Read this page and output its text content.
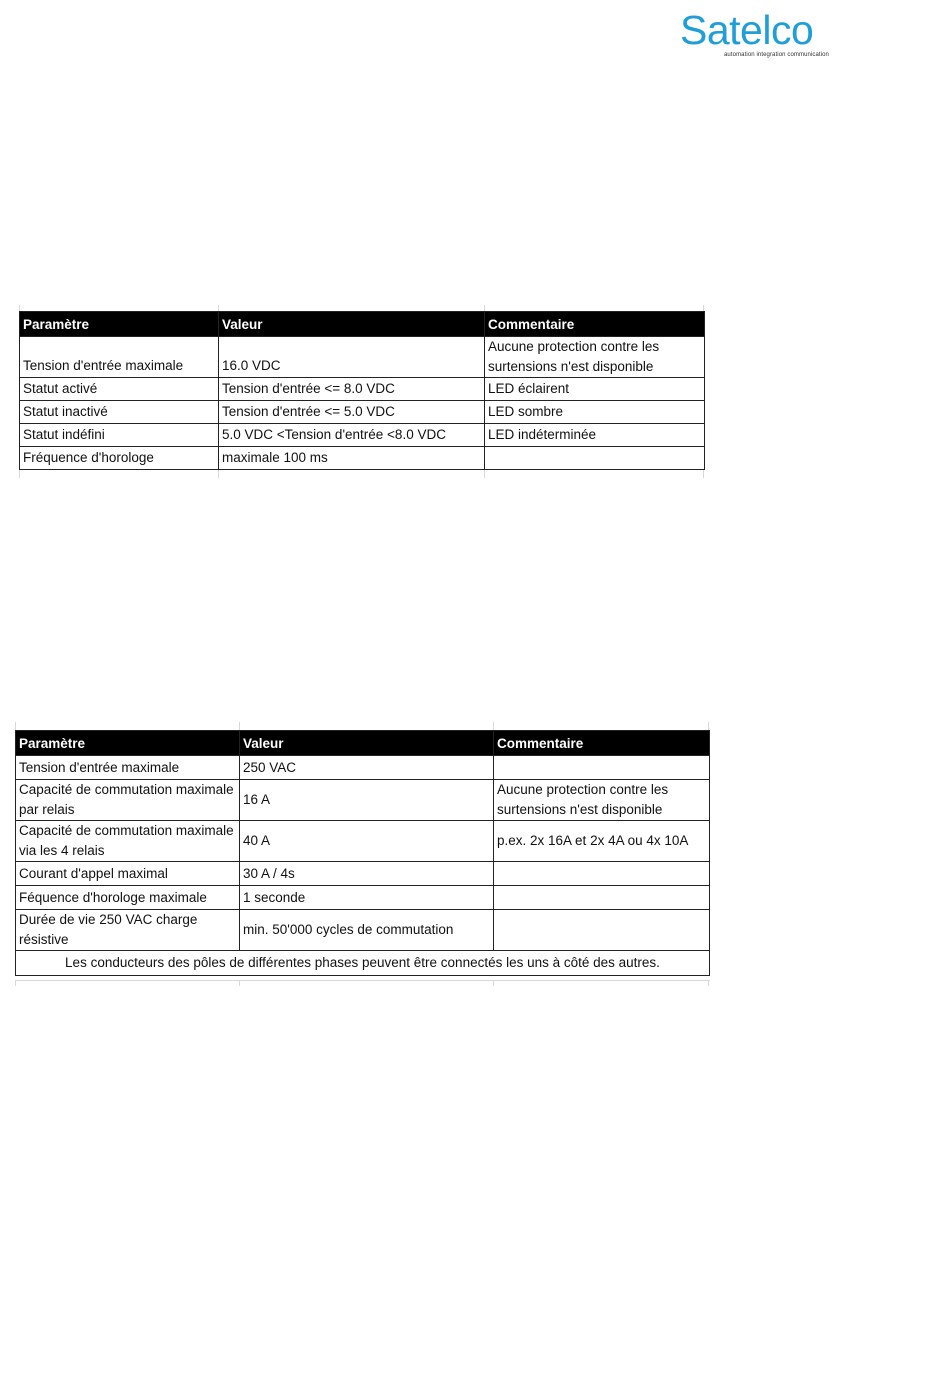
Satelco
automation integration communication
Paramètre	Valeur	Commentaire
Tension d'entrée maximale	16.0 VDC	Aucune protection contre les surtensions n'est disponible
Statut activé	Tension d'entrée <= 8.0 VDC	LED éclairent
Statut inactivé	Tension d'entrée <= 5.0 VDC	LED sombre
Statut indéfini	5.0 VDC <Tension d'entrée <8.0 VDC	LED indéterminée
Fréquence d'horologe	maximale 100 ms	
Paramètre	Valeur	Commentaire
Tension d'entrée maximale	250 VAC	
Capacité de commutation maximale par relais	16 A	Aucune protection contre les surtensions n'est disponible
Capacité de commutation maximale via les 4 relais	40 A	p.ex. 2x 16A et 2x 4A ou 4x 10A
Courant d'appel maximal	30 A / 4s	
Féquence d'horologe maximale	1 seconde	
Durée de vie 250 VAC charge résistive	min. 50'000 cycles de commutation	
Les conducteurs des pôles de différentes phases peuvent être connectés les uns à côté des autres.		
